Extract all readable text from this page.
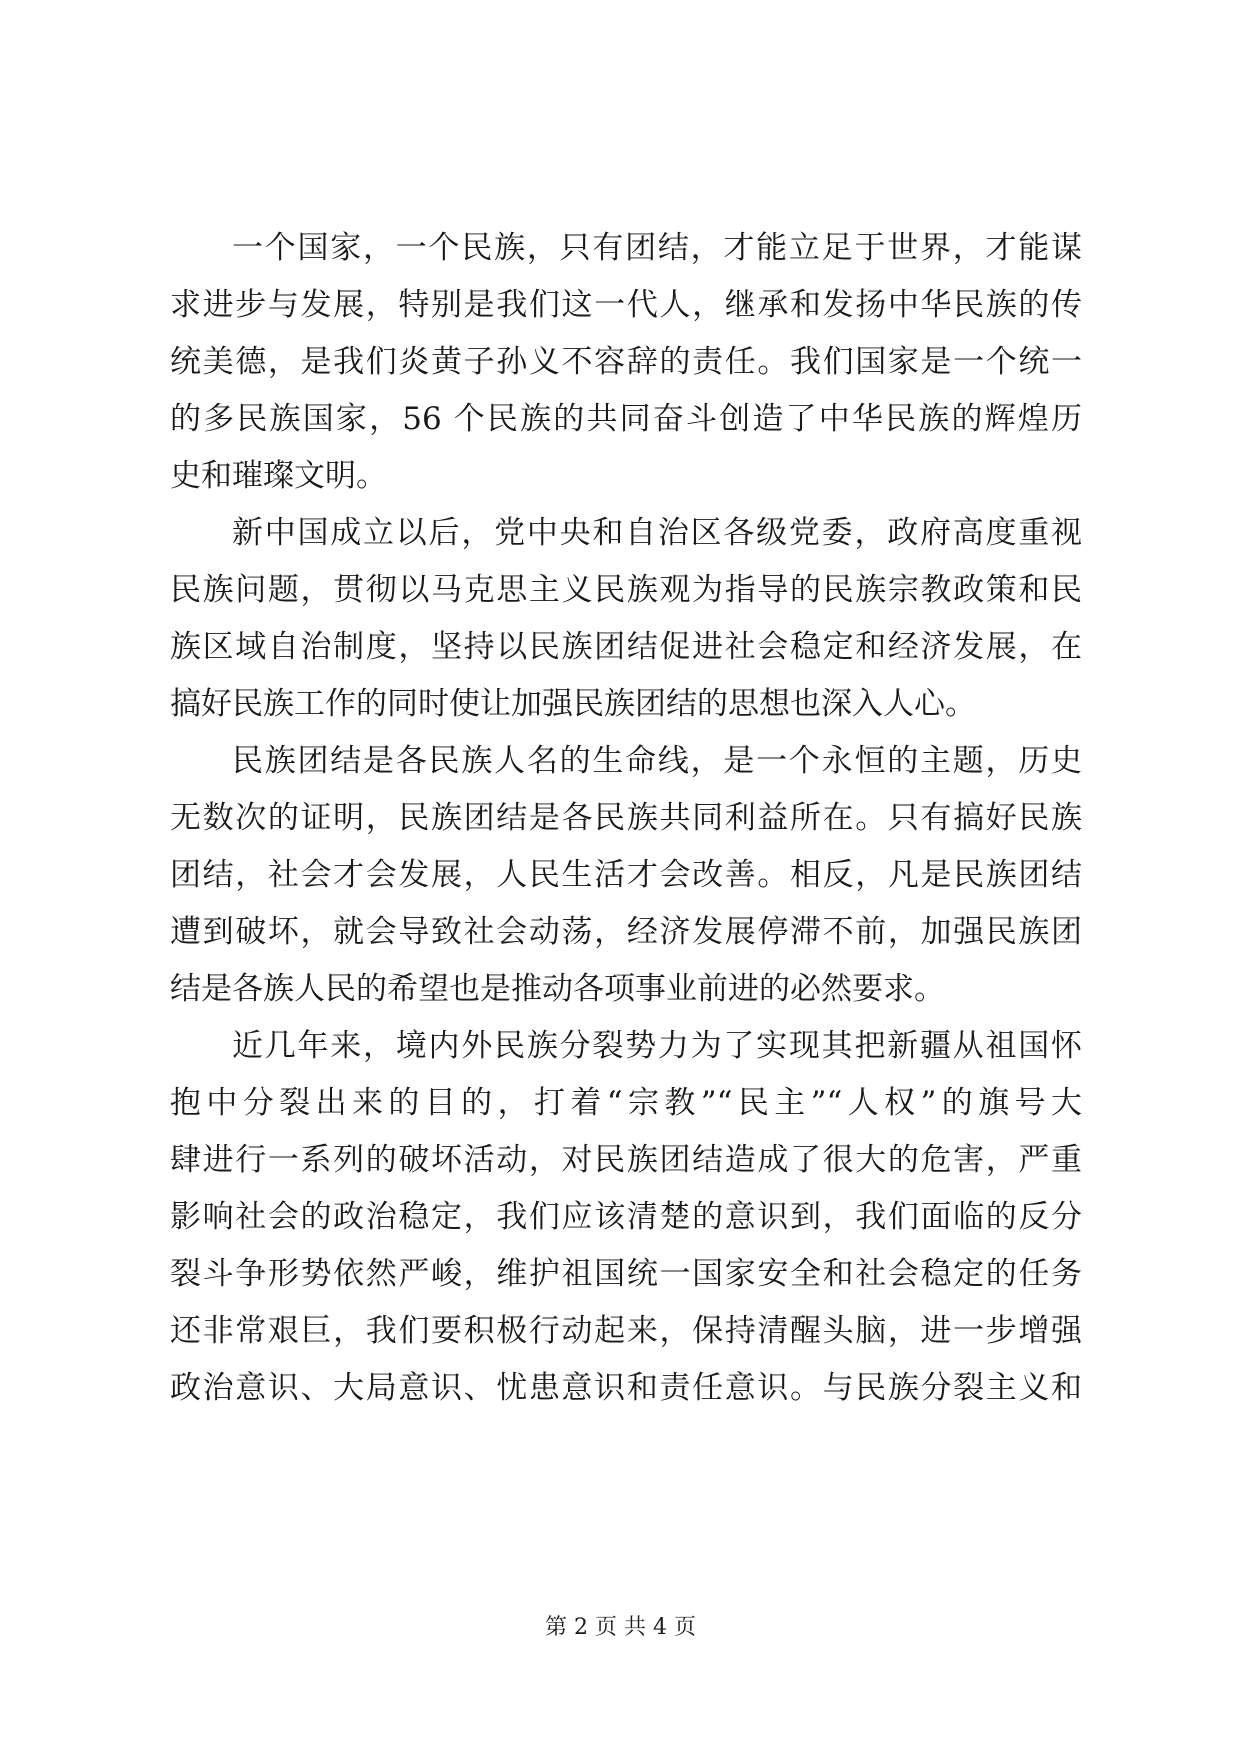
一个国家，一个民族，只有团结，才能立足于世界，才能谋
求进步与发展，特别是我们这一代人，继承和发扬中华民族的传
统美德，是我们炎黄子孙义不容辞的责任。我们国家是一个统一
的多民族国家，56 个民族的共同奋斗创造了中华民族的辉煌历
史和璀璨文明。
新中国成立以后，党中央和自治区各级党委，政府高度重视
民族问题，贯彻以马克思主义民族观为指导的民族宗教政策和民
族区域自治制度，坚持以民族团结促进社会稳定和经济发展，在
搞好民族工作的同时使让加强民族团结的思想也深入人心。
民族团结是各民族人名的生命线，是一个永恒的主题，历史
无数次的证明，民族团结是各民族共同利益所在。只有搞好民族
团结，社会才会发展，人民生活才会改善。相反，凡是民族团结
遭到破坏，就会导致社会动荡，经济发展停滞不前，加强民族团
结是各族人民的希望也是推动各项事业前进的必然要求。
近几年来，境内外民族分裂势力为了实现其把新疆从祖国怀
抱中分裂出来的目的，打着“宗教”“民主”“人权”的旗号大
肆进行一系列的破坏活动，对民族团结造成了很大的危害，严重
影响社会的政治稳定，我们应该清楚的意识到，我们面临的反分
裂斗争形势依然严峻，维护祖国统一国家安全和社会稳定的任务
还非常艰巨，我们要积极行动起来，保持清醒头脑，进一步增强
政治意识、大局意识、忧患意识和责任意识。与民族分裂主义和
第 2 页 共 4 页
